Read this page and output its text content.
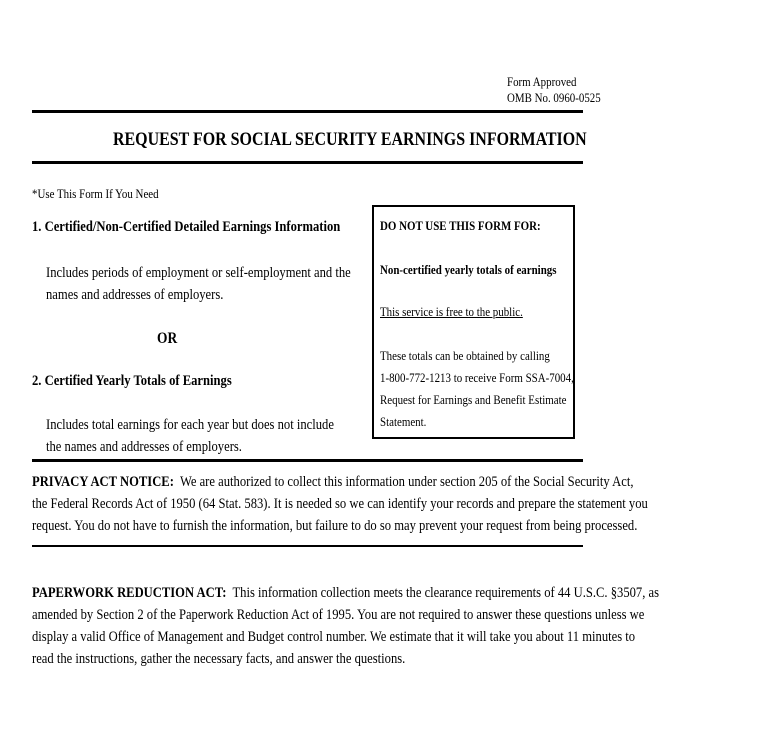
Form Approved
OMB No. 0960-0525
REQUEST FOR SOCIAL SECURITY EARNINGS INFORMATION
*Use This Form If You Need
1. Certified/Non-Certified Detailed Earnings Information
Includes periods of employment or self-employment and the
names and addresses of employers.
OR
2. Certified Yearly Totals of Earnings
Includes total earnings for each year but does not include
the names and addresses of employers.
DO NOT USE THIS FORM FOR:
Non-certified yearly totals of earnings
This service is free to the public.
These totals can be obtained by calling
1-800-772-1213 to receive Form SSA-7004,
Request for Earnings and Benefit Estimate
Statement.
PRIVACY ACT NOTICE:  We are authorized to collect this information under section 205 of the Social Security Act,
the Federal Records Act of 1950 (64 Stat. 583). It is needed so we can identify your records and prepare the statement you
request. You do not have to furnish the information, but failure to do so may prevent your request from being processed.
PAPERWORK REDUCTION ACT:  This information collection meets the clearance requirements of 44 U.S.C. §3507, as
amended by Section 2 of the Paperwork Reduction Act of 1995. You are not required to answer these questions unless we
display a valid Office of Management and Budget control number. We estimate that it will take you about 11 minutes to
read the instructions, gather the necessary facts, and answer the questions.
